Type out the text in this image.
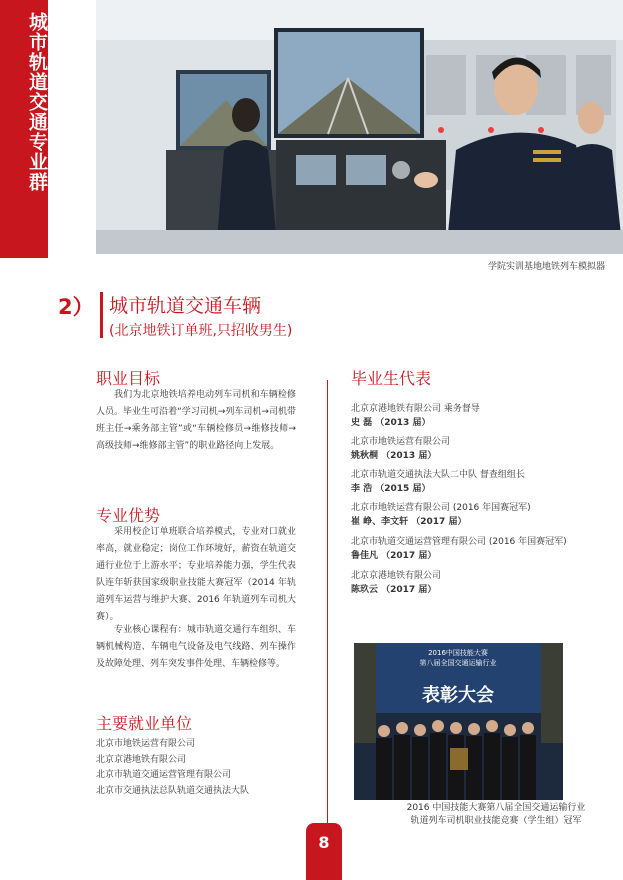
城市轨道交通专业群
学院实训基地地铁列车模拟器
2） 城市轨道交通车辆
(北京地铁订单班,只招收男生)
职业目标
我们为北京地铁培养电动列车司机和车辆检修人员。毕业生可沿着“学习司机→列车司机→司机带班主任→乘务部主管”或“车辆检修员→维修技师→高级技师→维修部主管”的职业路径向上发展。
专业优势
采用校企订单班联合培养模式，专业对口就业率高，就业稳定；岗位工作环境好，薪资在轨道交通行业位于上游水平；专业培养能力强，学生代表队连年斩获国家级职业技能大赛冠军（2014 年轨道列车运营与维护大赛、2016 年轨道列车司机大赛）。
专业核心课程有：城市轨道交通行车组织、车辆机械构造、车辆电气设备及电气线路、列车操作及故障处理、列车突发事件处理、车辆检修等。
主要就业单位
北京市地铁运营有限公司
北京京港地铁有限公司
北京市轨道交通运营管理有限公司
北京市交通执法总队轨道交通执法大队
毕业生代表
北京京港地铁有限公司 乘务督导
史 磊 （2013 届）
北京市地铁运营有限公司
姚秋桐 （2013 届）
北京市轨道交通执法大队二中队 督查组组长
李 浩 （2015 届）
北京市地铁运营有限公司 (2016 年国赛冠军)
崔 峥、李文轩 （2017 届）
北京市轨道交通运营管理有限公司 (2016 年国赛冠军)
鲁佳凡 （2017 届）
北京京港地铁有限公司
陈玖云 （2017 届）
2016中国技能大赛
第八届全国交通运输行业
表彰大会
2016 中国技能大赛第八届全国交通运输行业
轨道列车司机职业技能竞赛（学生组）冠军
8
